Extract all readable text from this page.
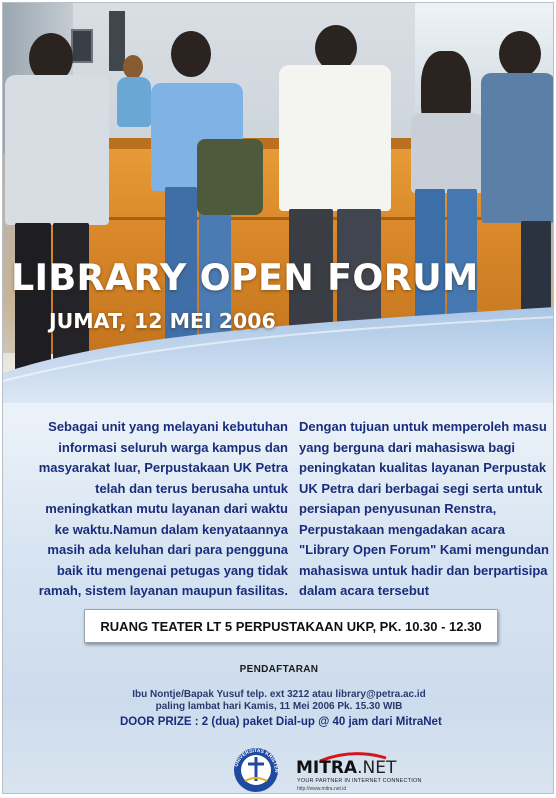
LIBRARY OPEN FORUM
JUMAT, 12 MEI 2006
Sebagai unit yang melayani kebutuhan
informasi seluruh warga kampus dan
masyarakat luar, Perpustakaan UK Petra
telah dan terus berusaha untuk
meningkatkan mutu layanan dari waktu
ke waktu.Namun dalam kenyataannya
masih ada keluhan dari para pengguna
baik itu mengenai petugas yang tidak
ramah, sistem layanan maupun fasilitas.
Dengan tujuan untuk memperoleh masu
yang berguna dari mahasiswa bagi
peningkatan kualitas layanan Perpustak
UK Petra dari berbagai segi serta untuk
persiapan penyusunan Renstra,
Perpustakaan mengadakan acara
"Library Open Forum" Kami mengundan
mahasiswa untuk hadir dan berpartisipa
dalam acara tersebut
RUANG TEATER LT 5 PERPUSTAKAAN UKP, PK. 10.30 - 12.30
PENDAFTARAN
Ibu Nontje/Bapak Yusuf telp. ext 3212 atau library@petra.ac.id
paling lambat hari Kamis, 11 Mei 2006 Pk. 15.30 WIB
DOOR PRIZE : 2 (dua) paket Dial-up @ 40 jam dari MitraNet
UNIVERSITAS KRISTEN MITRA.NET
YOUR PARTNER IN INTERNET CONNECTION
http://www.mitra.net.id
